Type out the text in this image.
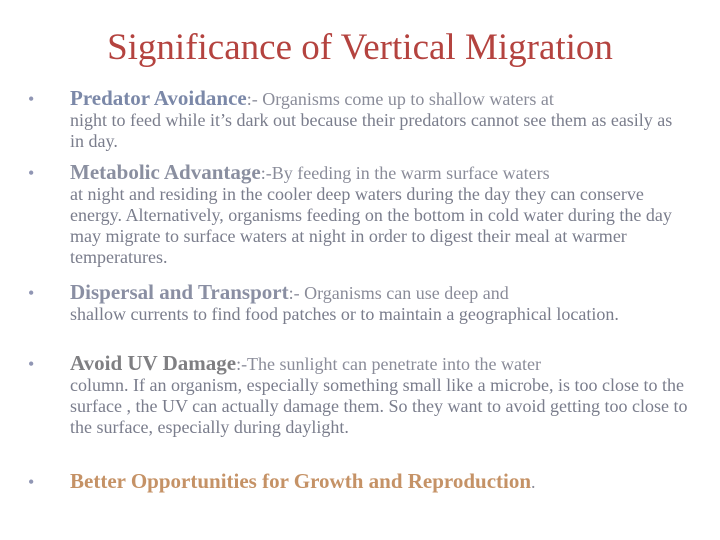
Significance of Vertical Migration
• Predator Avoidance:- Organisms come up to shallow waters at
night to feed while it’s dark out because their predators cannot see them as easily as in day.
• Metabolic Advantage:-By feeding in the warm surface waters
at night and residing in the cooler deep waters during the day they can conserve energy. Alternatively, organisms feeding on the bottom in cold water during the day may migrate to surface waters at night in order to digest their meal at warmer temperatures.
• Dispersal and Transport:- Organisms can use deep and
shallow currents to find food patches or to maintain a geographical location.
• Avoid UV Damage:-The sunlight can penetrate into the water
column. If an organism, especially something small like a microbe, is too close to the surface , the UV can actually damage them. So they want to avoid getting too close to the surface, especially during daylight.
• Better Opportunities for Growth and Reproduction.
